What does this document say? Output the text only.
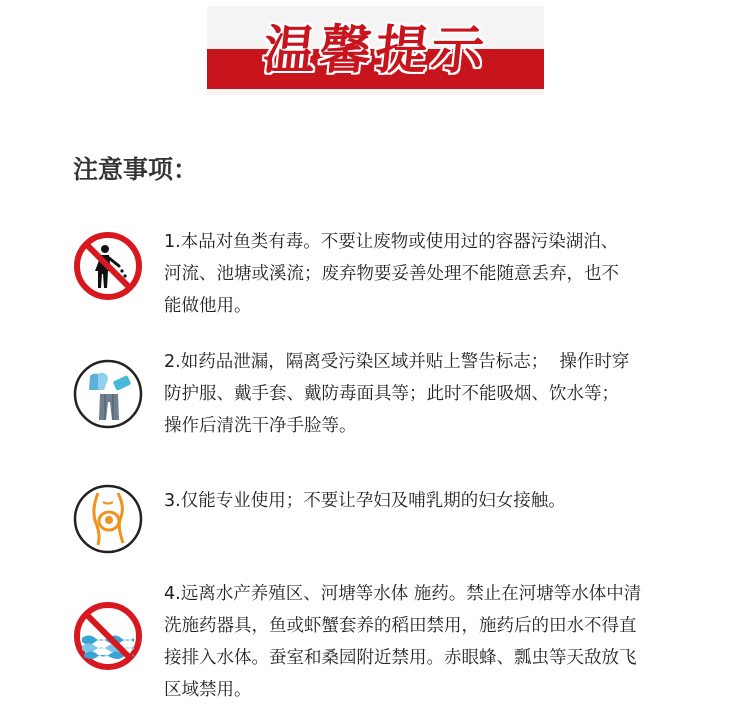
温馨提示
注意事项：

1.本品对鱼类有毒。不要让废物或使用过的容器污染湖泊、
河流、池塘或溪流；废弃物要妥善处理不能随意丢弃，也不
能做他用。

2.如药品泄漏，隔离受污染区域并贴上警告标志；  操作时穿
防护服、戴手套、戴防毒面具等；此时不能吸烟、饮水等；
操作后清洗干净手脸等。

3.仅能专业使用；不要让孕妇及哺乳期的妇女接触。

4.远离水产养殖区、河塘等水体 施药。禁止在河塘等水体中清
洗施药器具，鱼或虾蟹套养的稻田禁用，施药后的田水不得直
接排入水体。蚕室和桑园附近禁用。赤眼蜂、瓢虫等天敌放飞
区域禁用。
